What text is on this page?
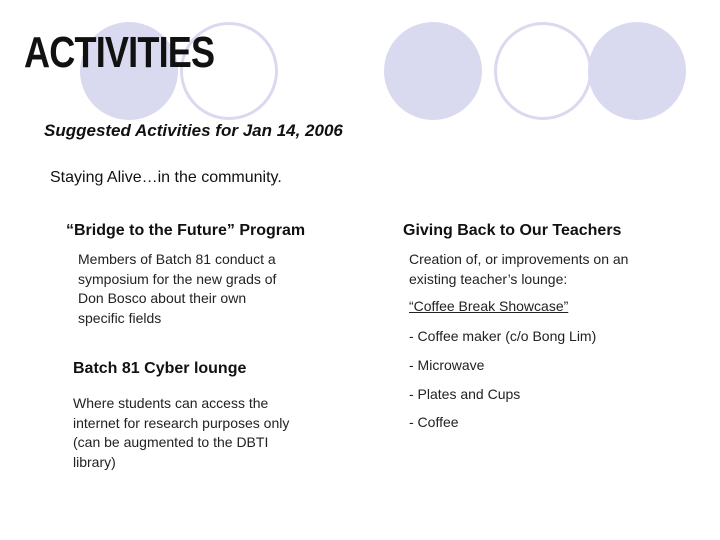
ACTIVITIES
Suggested Activities for Jan 14, 2006
Staying Alive…in the community.
“Bridge to the Future” Program
Members of Batch 81 conduct a
symposium for the new grads of
Don Bosco about their own
specific fields
Batch 81 Cyber lounge
Where students can access the
internet for research purposes only
(can be augmented to the DBTI
library)
Giving Back to Our Teachers
Creation of, or improvements on an
existing teacher’s lounge:
“Coffee Break Showcase”
- Coffee maker (c/o Bong Lim)
- Microwave
- Plates and Cups
- Coffee
